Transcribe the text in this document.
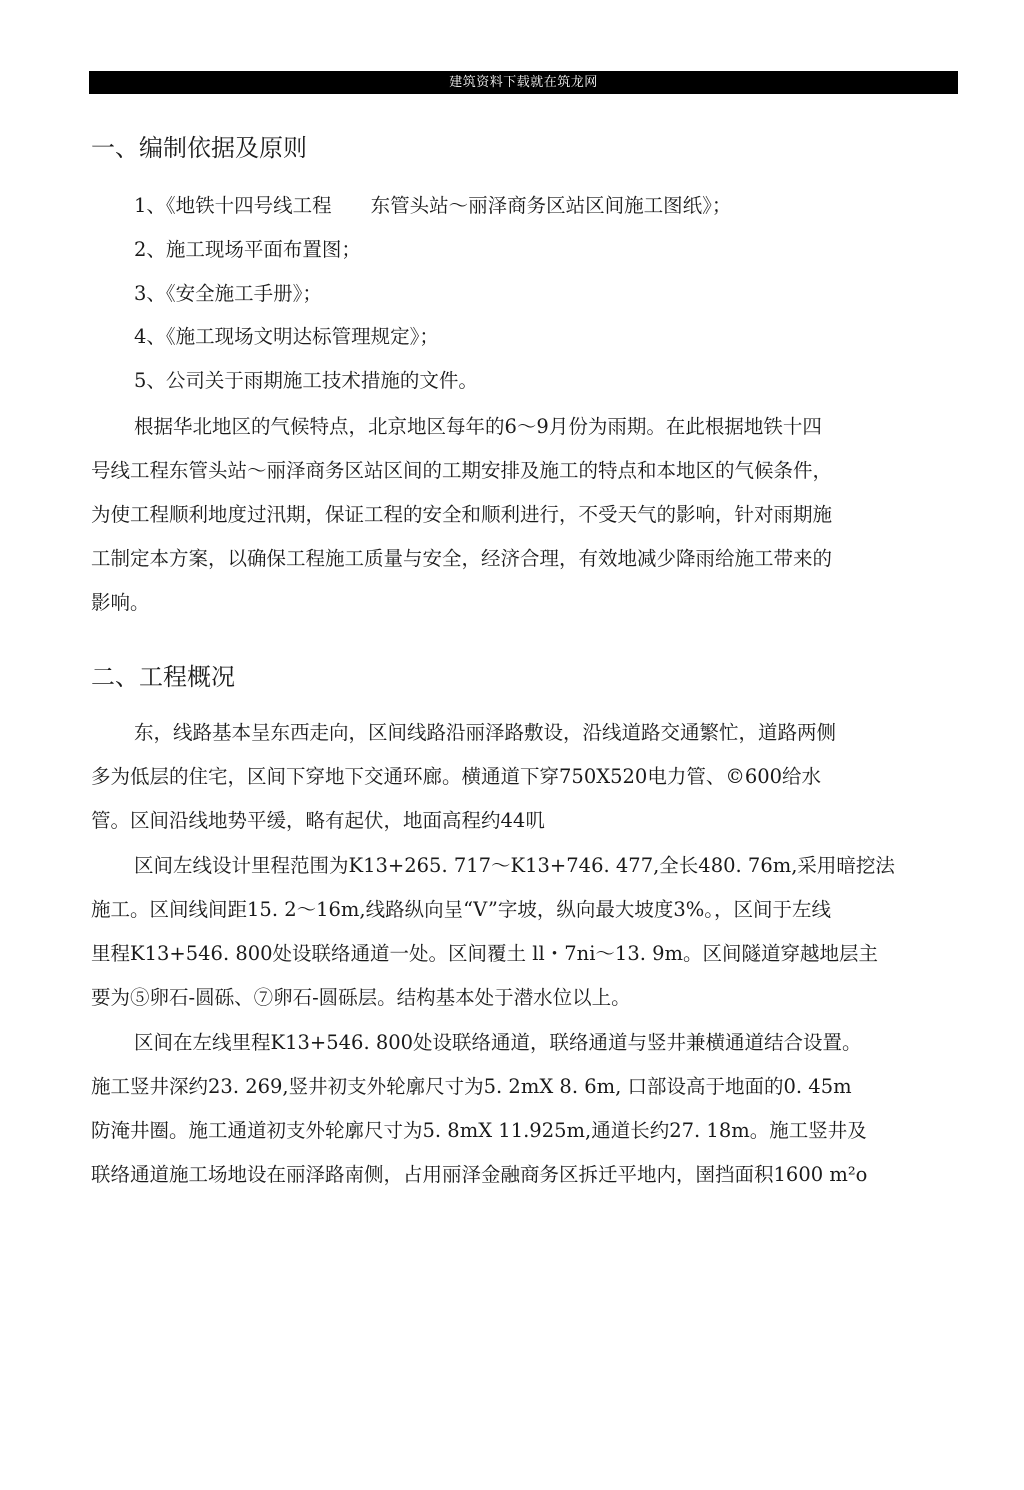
建筑资料下载就在筑龙网
一、编制依据及原则
1、《地铁十四号线工程　　东管头站～丽泽商务区站区间施工图纸》；
2、施工现场平面布置图；
3、《安全施工手册》；
4、《施工现场文明达标管理规定》；
5、公司关于雨期施工技术措施的文件。
根据华北地区的气候特点，北京地区每年的6～9月份为雨期。在此根据地铁十四
号线工程东管头站～丽泽商务区站区间的工期安排及施工的特点和本地区的气候条件，
为使工程顺利地度过汛期，保证工程的安全和顺利进行，不受天气的影响，针对雨期施
工制定本方案，以确保工程施工质量与安全，经济合理，有效地减少降雨给施工带来的
影响。
二、工程概况
东，线路基本呈东西走向，区间线路沿丽泽路敷设，沿线道路交通繁忙，道路两侧
多为低层的住宅，区间下穿地下交通环廊。横通道下穿750X520电力管、©600给水
管。区间沿线地势平缓，略有起伏，地面高程约44叽
区间左线设计里程范围为K13+265. 717～K13+746. 477,全长480. 76m,采用暗挖法
施工。区间线间距15. 2～16m,线路纵向呈“V”字坡，纵向最大坡度3%。，区间于左线
里程K13+546. 800处设联络通道一处。区间覆土 ll・7ni～13. 9m。区间隧道穿越地层主
要为⑤卵石-圆砾、⑦卵石-圆砾层。结构基本处于潜水位以上。
区间在左线里程K13+546. 800处设联络通道，联络通道与竖井兼横通道结合设置。
施工竖井深约23. 269,竖井初支外轮廓尺寸为5. 2mX 8. 6m, 口部设高于地面的0. 45m
防淹井圈。施工通道初支外轮廓尺寸为5. 8mX 11.925m,通道长约27. 18m。施工竖井及
联络通道施工场地设在丽泽路南侧，占用丽泽金融商务区拆迁平地内，圉挡面积1600 m²o
